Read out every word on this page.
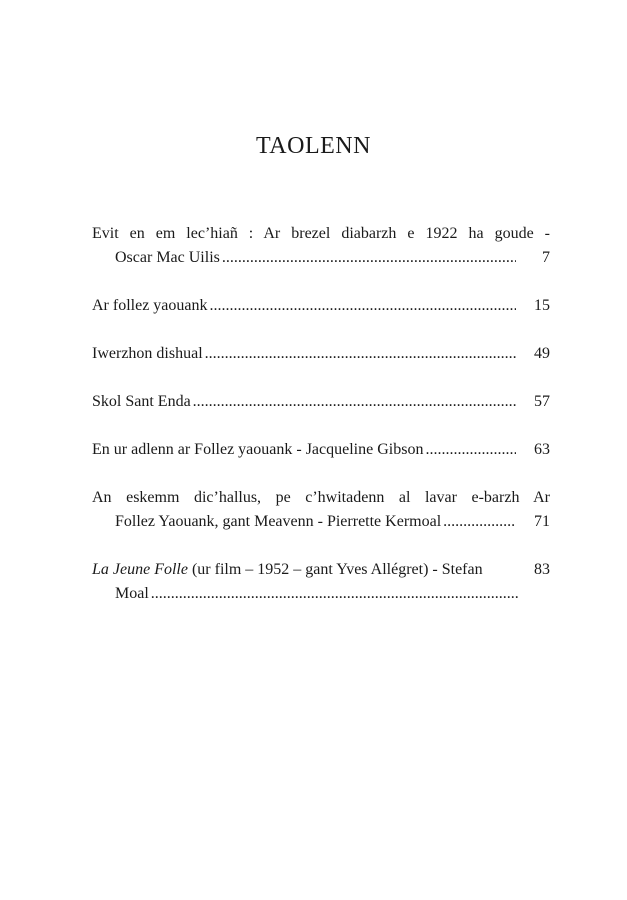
TAOLENN
Evit en em lec’hiañ : Ar brezel diabarzh e 1922 ha goude -
Oscar Mac Uilis .....	7
Ar follez yaouank .....	15
Iwerzhon dishual .....	49
Skol Sant Enda .....	57
En ur adlenn ar Follez yaouank - Jacqueline Gibson .....	63
An eskemm dic’hallus, pe c’hwitadenn al lavar e-barzh Ar
Follez Yaouank, gant Meavenn - Pierrette Kermoal .....	71
La Jeune Folle (ur film – 1952 – gant Yves Allégret) - Stefan	83
Moal
.....
